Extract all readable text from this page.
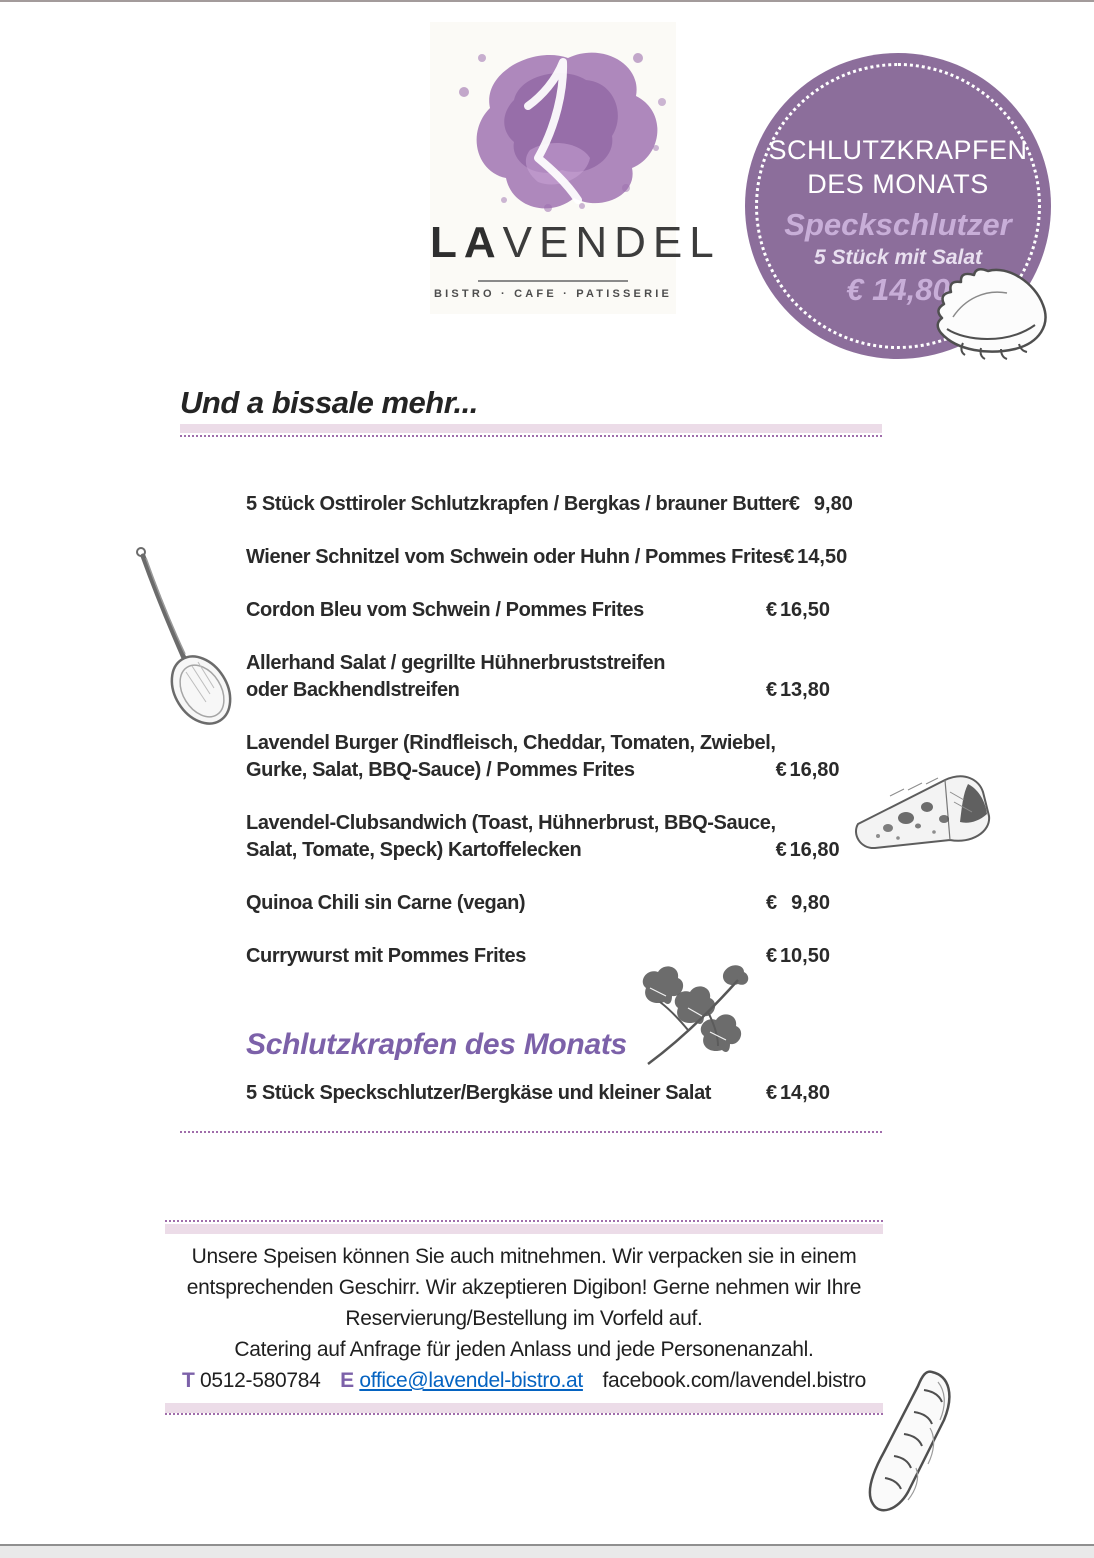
LAVENDEL
BISTRO · CAFE · PATISSERIE
SCHLUTZKRAPFEN
DES MONATS
Speckschlutzer
5 Stück mit Salat
€ 14,80
Und a bissale mehr...
5 Stück Osttiroler Schlutzkrapfen / Bergkas / brauner Butter € 9,80
Wiener Schnitzel vom Schwein oder Huhn / Pommes Frites € 14,50
Cordon Bleu vom Schwein / Pommes Frites	€ 16,50
Allerhand Salat / gegrillte Hühnerbruststreifen
oder Backhendlstreifen	€ 13,80
Lavendel Burger (Rindfleisch, Cheddar, Tomaten, Zwiebel,
Gurke, Salat, BBQ-Sauce) / Pommes Frites	€ 16,80
Lavendel-Clubsandwich (Toast, Hühnerbrust, BBQ-Sauce,
Salat, Tomate, Speck) Kartoffelecken	€ 16,80
Quinoa Chili sin Carne (vegan)	€ 9,80
Currywurst mit Pommes Frites	€ 10,50
Schlutzkrapfen des Monats
5 Stück Speckschlutzer/Bergkäse und kleiner Salat	€ 14,80
Unsere Speisen können Sie auch mitnehmen. Wir verpacken sie in einem
entsprechenden Geschirr. Wir akzeptieren Digibon! Gerne nehmen wir Ihre
Reservierung/Bestellung im Vorfeld auf.
Catering auf Anfrage für jeden Anlass und jede Personenanzahl.
T 0512-580784 E office@lavendel-bistro.at facebook.com/lavendel.bistro
